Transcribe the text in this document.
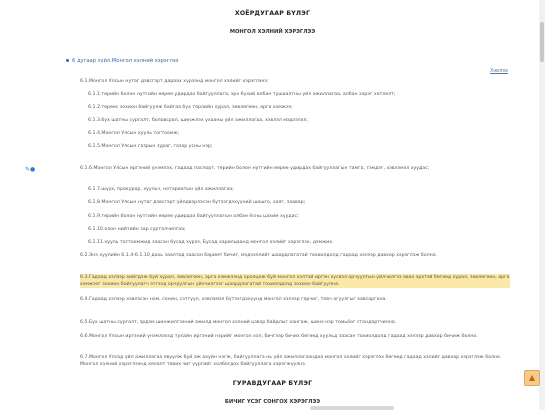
ХОЁРДУГААР БҮЛЭГ
МОНГОЛ ХЭЛНИЙ ХЭРЭГЛЭЭ
6 дугаар зүйл.Монгол хэлний хэрэглээ
Хэвлэх
✎●
6.1.Монгол Улсын нутаг дэвсгэрт дараах хүрээнд монгол хэлийг хэрэглэнэ:
6.1.1.төрийн болон нутгийн өөрөө удирдах байгууллага, эрх бүхий албан тушаалтны үйл ажиллагаа, албан хэрэг хөтлөлт;
6.1.2.төрөөс зохион байгуулж байгаа бүх төрлийн хурал, зөвлөгөөн, арга хэмжээ;
6.1.3.бүх шатны сургалт, боловсрол, шинжлэх ухааны үйл ажиллагаа, хэвлэл мэдээлэл;
6.1.4.Монгол Улсын хууль тогтоомж;
6.1.5.Монгол Улсын газрын зураг, газар усны нэр;
6.1.6.Монгол Улсын иргэний үнэмлэх, гадаад паспорт, төрийн болон нутгийн өөрөө удирдах байгууллагын тамга, тэмдэг, хэвлэмэл хуудас;
6.1.7.шүүх, прокурор, хуульч, нотариатын үйл ажиллагаа;
6.1.8.Монгол Улсын нутаг дэвсгэрт үйлдвэрлэсэн бүтээгдэхүүний шошго, хаяг, заавар;
6.1.9.төрийн болон нутгийн өөрөө удирдах байгууллагын албан ёсны цахим хуудас;
6.1.10.олон нийтийн зар сурталчилгаа;
6.1.11.хууль тогтоомжид заасан бусад хүрээ, Бусад харилцаанд монгол хэлийг хэрэглэх, дэмжих.
6.2.Энэ хуулийн 6.1.4-6.1.10 дахь заалтад заасан баримт бичиг, мэдээллийг шаардлагатай тохиолдолд гадаад хэлээр давхар хэрэглэж болно.
6.3.Гадаад хэлээр хийгдэж буй хурал, зөвлөгөөн, арга хэмжээнд оролцож буй монгол хэлтэй иргэн хүсвэл орчуулгын үйлчилгээ авах эрхтэй бөгөөд хурал, зөвлөгөөн, арга хэмжээг зохион байгуулагч этгээд орчуулгын үйлчилгээг шаардлагатай тохиолдолд зохион байгуулна.
6.4.Гадаад хэлээр хэвлэсэн ном, сонин, сэтгүүл, хэвлэмэл бүтээгдэхүүнд монгол хэлээр гарчиг, товч агуулгыг хавсаргана.
6.5.Бүх шатны сургалт, эрдэм шинжилгээний ажилд монгол хэлний цэвэр байдлыг хангаж, шинэ нэр томьёог стандартчилна.
6.6.Монгол Улсын иргэний үнэмлэхэд тухайн иргэний нэрийг монгол хэл, бичгээр бичих бөгөөд хуульд заасан тохиолдолд гадаад хэлээр давхар бичиж болно.
6.7.Монгол Улсад үйл ажиллагаа явуулж буй аж ахуйн нэгж, байгууллага нь үйл ажиллагаандаа монгол хэлийг хэрэглэх бөгөөд гадаад хэлийг давхар хэрэглэж болно. Монгол хэлний хэрэглээнд хяналт тавих чиг үүргийг холбогдох байгууллага хэрэгжүүлнэ.
ГУРАВДУГААР БҮЛЭГ
БИЧИГ ҮСЭГ СОНГОХ ХЭРЭГЛЭЭ
▲
